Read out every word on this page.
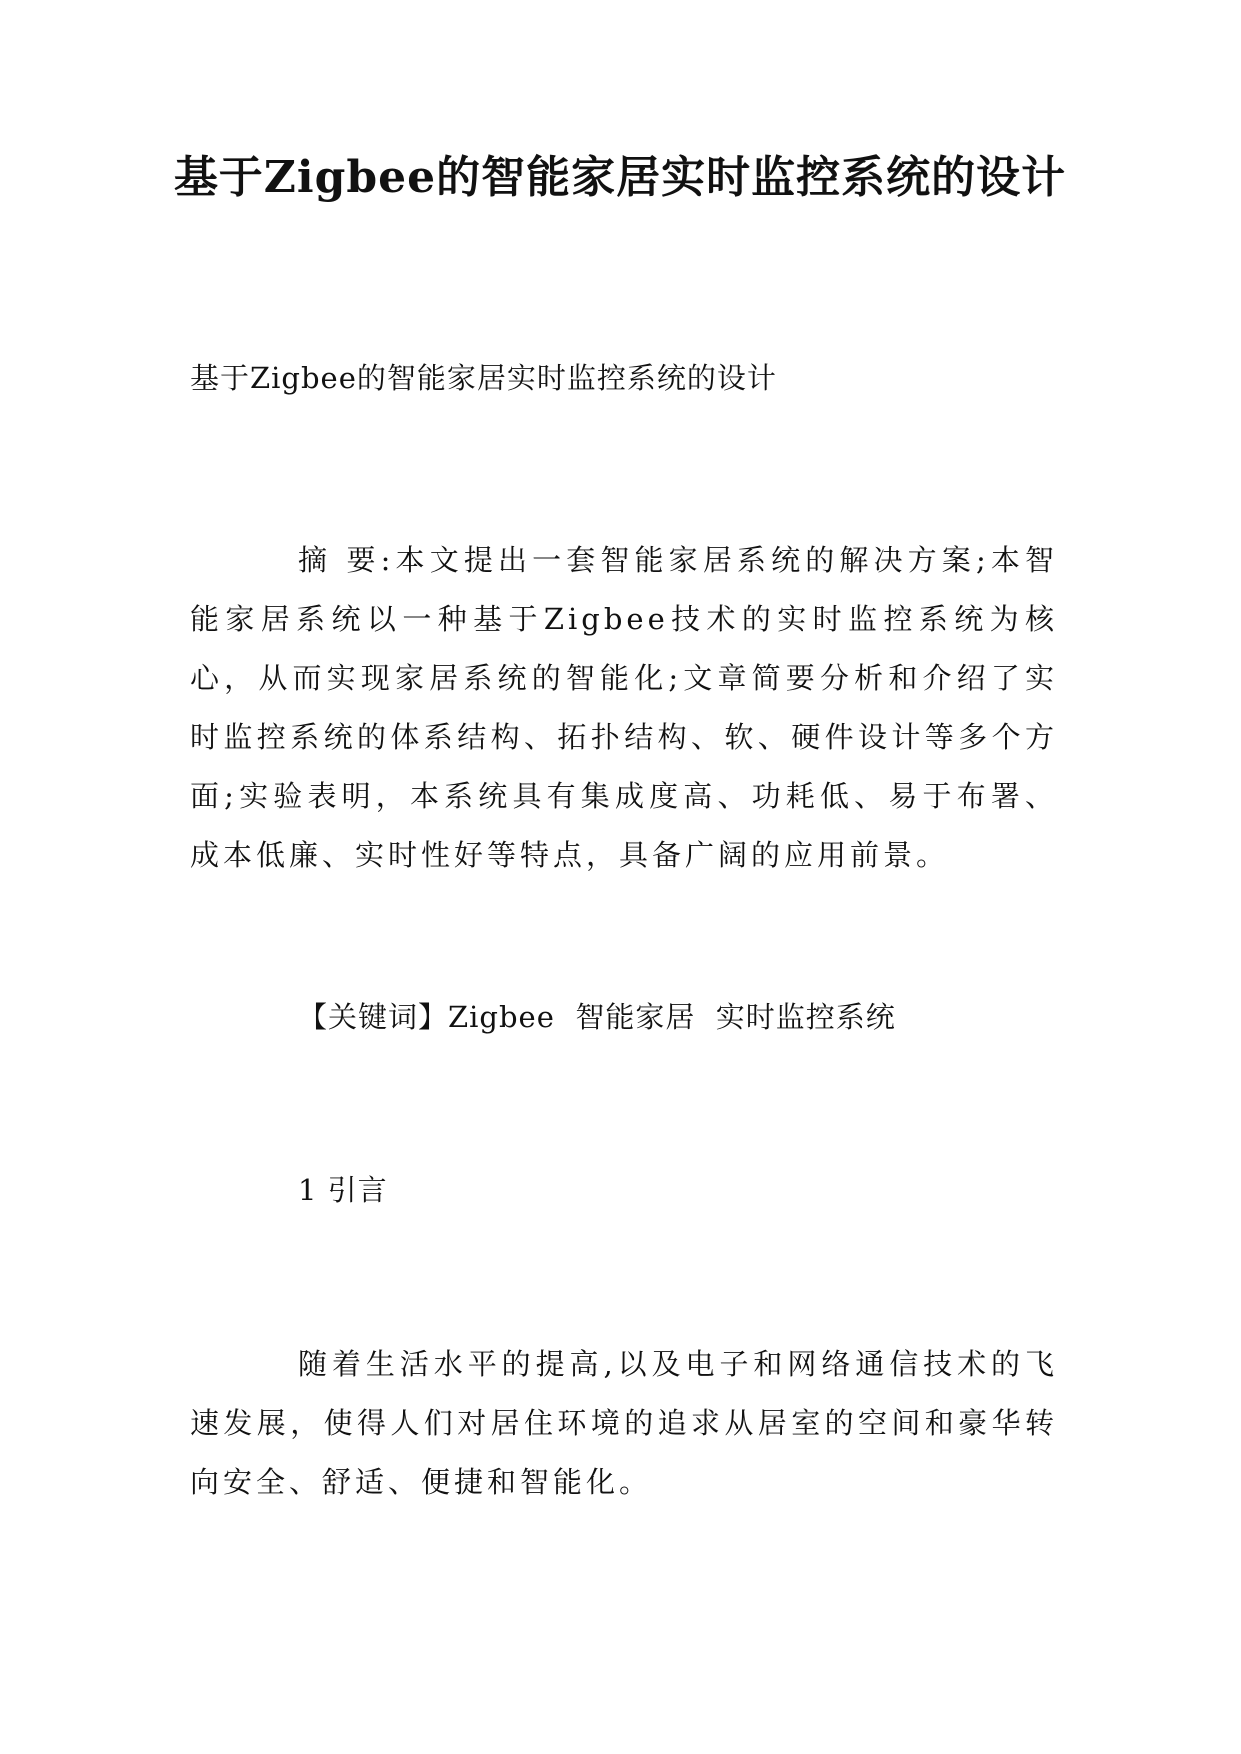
基于Zigbee的智能家居实时监控系统的设计

基于Zigbee的智能家居实时监控系统的设计

摘 要:本文提出一套智能家居系统的解决方案;本智能家居系统以一种基于Zigbee技术的实时监控系统为核心，从而实现家居系统的智能化;文章简要分析和介绍了实时监控系统的体系结构、拓扑结构、软、硬件设计等多个方面;实验表明，本系统具有集成度高、功耗低、易于布署、成本低廉、实时性好等特点，具备广阔的应用前景。

【关键词】Zigbee  智能家居  实时监控系统

1 引言

随着生活水平的提高,以及电子和网络通信技术的飞速发展，使得人们对居住环境的追求从居室的空间和豪华转向安全、舒适、便捷和智能化。
